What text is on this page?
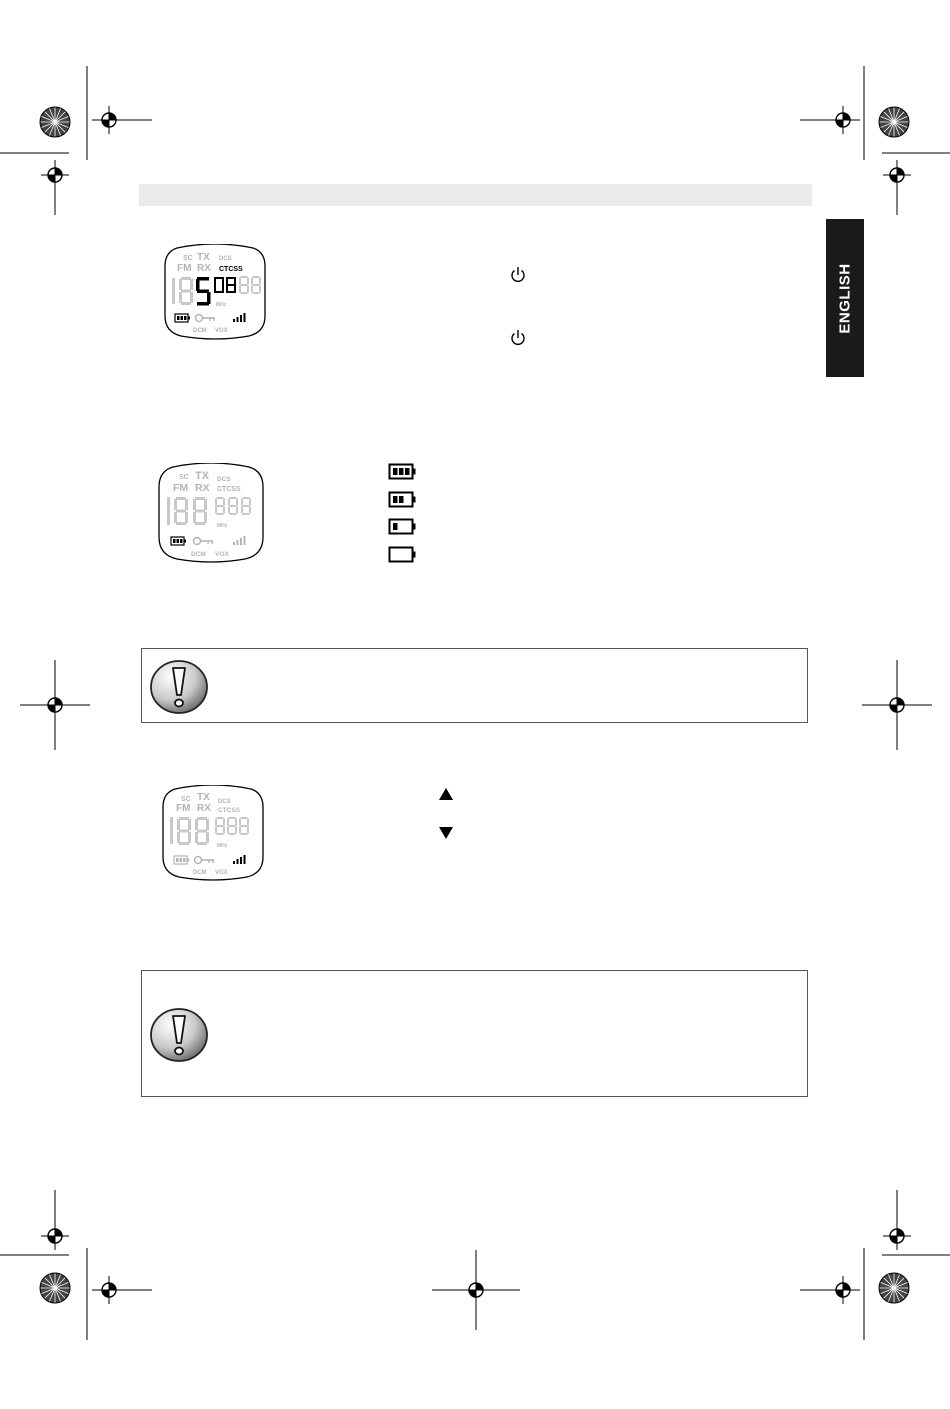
ENGLISH
SC TX DCS
FM RX CTCSS
MHz
DCM VOX
SC TX DCS
FM RX CTCSS
MHz
DCM VOX
SC TX DCS
FM RX CTCSS
MHz
DCM VOX
